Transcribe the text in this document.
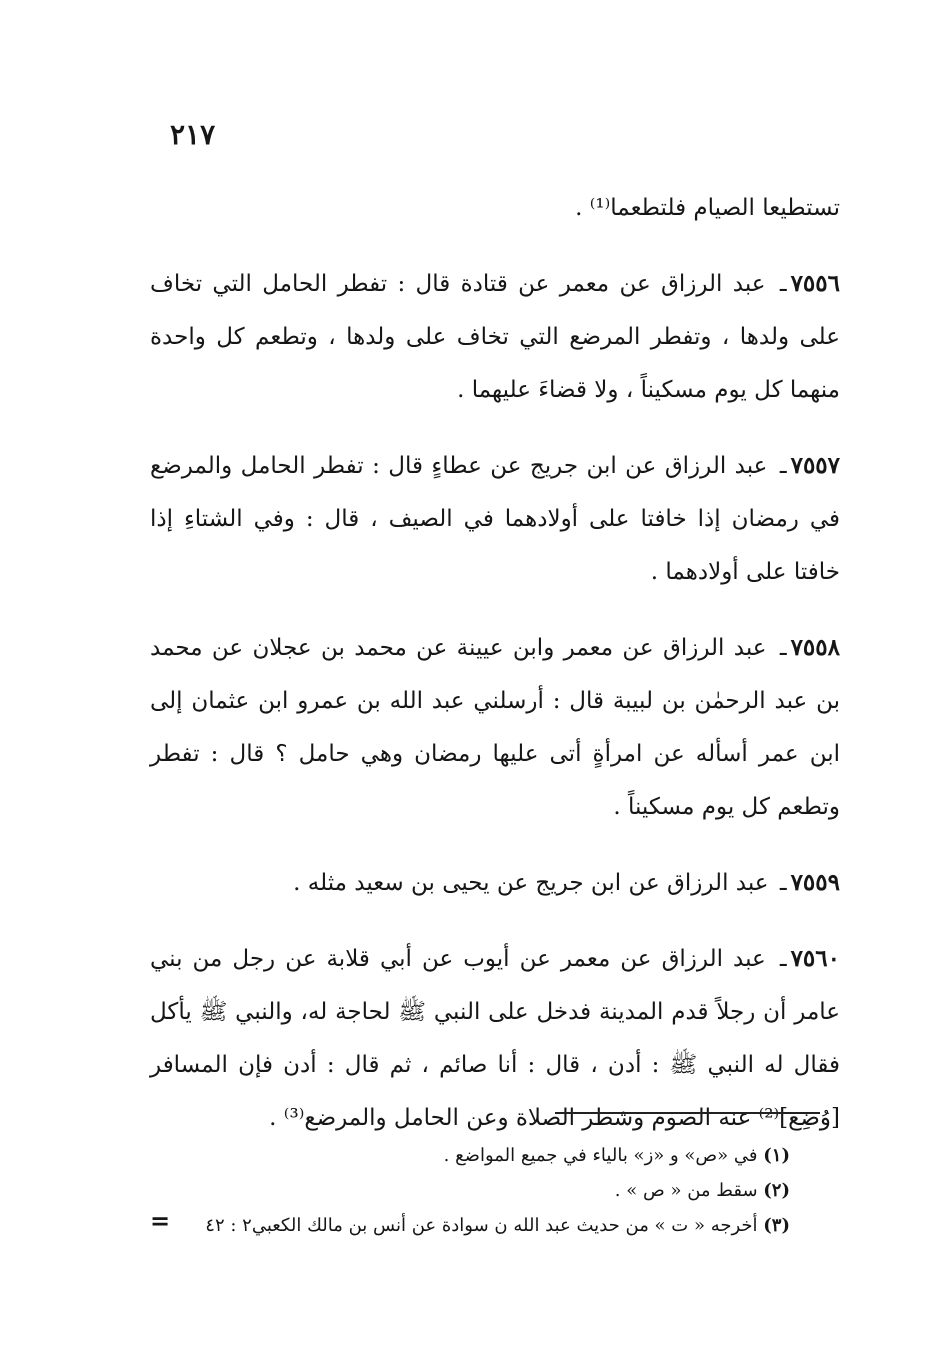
٢١٧

تستطيعا الصيام فلتطعما⁽¹⁾ .

٧٥٥٦ـ عبد الرزاق عن معمر عن قتادة قال : تفطر الحامل التي تخاف على ولدها ، وتفطر المرضع التي تخاف على ولدها ، وتطعم كل واحدة منهما كل يوم مسكيناً ، ولا قضاءَ عليهما .

٧٥٥٧ـ عبد الرزاق عن ابن جريج عن عطاءٍ قال : تفطر الحامل والمرضع في رمضان إذا خافتا على أولادهما في الصيف ، قال : وفي الشتاءِ إذا خافتا على أولادهما .

٧٥٥٨ـ عبد الرزاق عن معمر وابن عيينة عن محمد بن عجلان عن محمد بن عبد الرحمٰن بن لبيبة قال : أرسلني عبد الله بن عمرو ابن عثمان إلى ابن عمر أسأله عن امرأةٍ أتى عليها رمضان وهي حامل ؟ قال : تفطر وتطعم كل يوم مسكيناً .

٧٥٥٩ـ عبد الرزاق عن ابن جريج عن يحيى بن سعيد مثله .

٧٥٦٠ـ عبد الرزاق عن معمر عن أيوب عن أبي قلابة عن رجل من بني عامر أن رجلاً قدم المدينة فدخل على النبي ﷺ لحاجة له، والنبي ﷺ يأكل فقال له النبي ﷺ : أدن ، قال : أنا صائم ، ثم قال : أدن فإن المسافر [وُضِع]⁽²⁾ عنه الصوم وشطر الصلاة وعن الحامل والمرضع⁽³⁾ .

(١) في «ص» و «ز» بالياء في جميع المواضع .
(٢) سقط من « ص » .
(٣) أخرجه « ت » من حديث عبد الله ن سوادة عن أنس بن مالك الكعبي٢ : ٤٢
=
